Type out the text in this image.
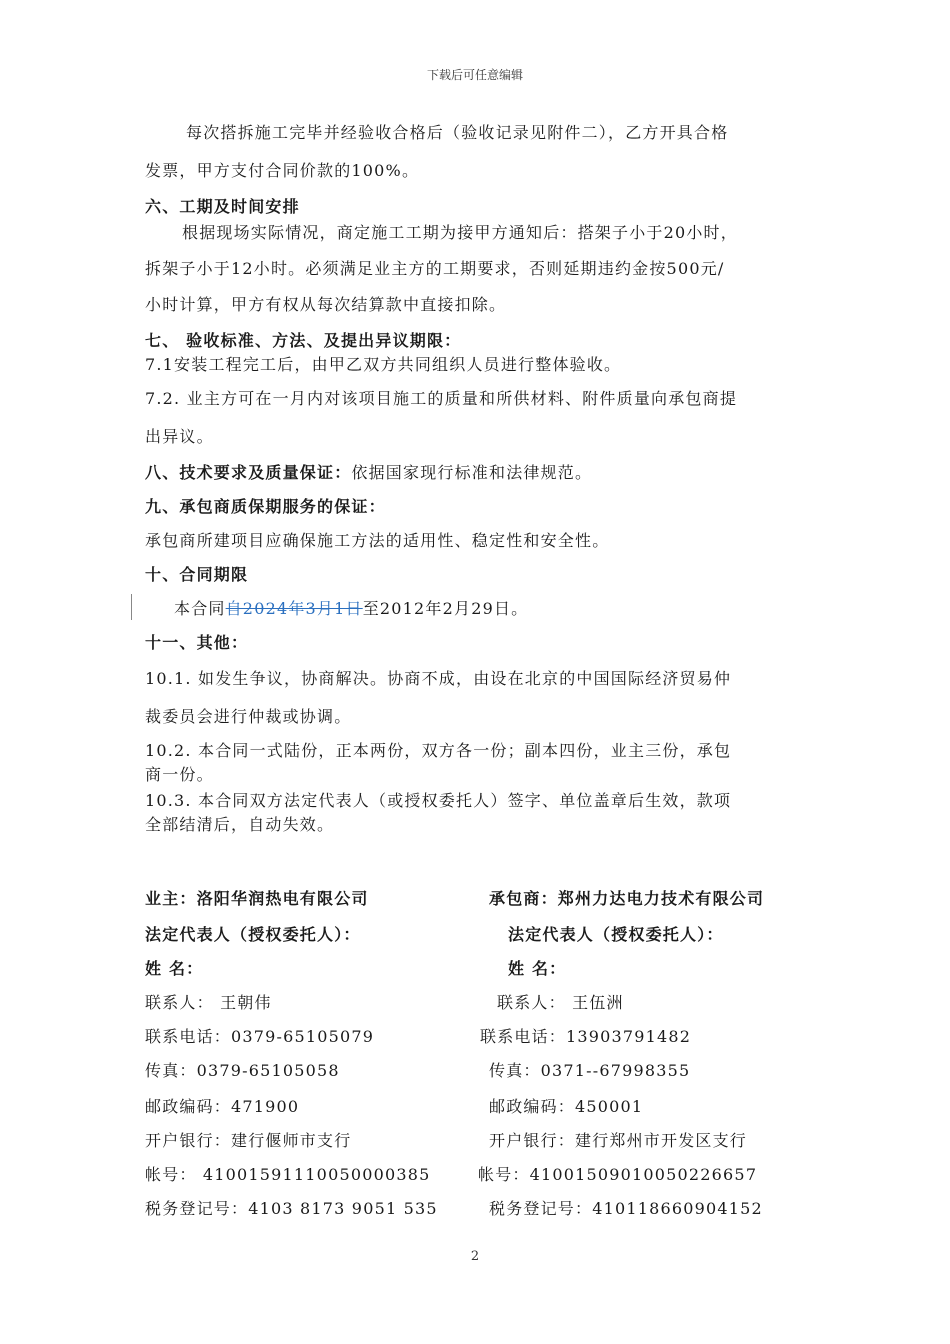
下载后可任意编辑
每次搭拆施工完毕并经验收合格后（验收记录见附件二），乙方开具合格
发票，甲方支付合同价款的100%。
六、工期及时间安排
根据现场实际情况，商定施工工期为接甲方通知后：搭架子小于20小时，
拆架子小于12小时。必须满足业主方的工期要求，否则延期违约金按500元/
小时计算，甲方有权从每次结算款中直接扣除。
七、 验收标准、方法、及提出异议期限：
7.1安装工程完工后，由甲乙双方共同组织人员进行整体验收。
7.2. 业主方可在一月内对该项目施工的质量和所供材料、附件质量向承包商提
出异议。
八、技术要求及质量保证：依据国家现行标准和法律规范。
九、承包商质保期服务的保证：
承包商所建项目应确保施工方法的适用性、稳定性和安全性。
十、合同期限
本合同自2024年3月1日至2012年2月29日。
十一、其他：
10.1. 如发生争议，协商解决。协商不成，由设在北京的中国国际经济贸易仲
裁委员会进行仲裁或协调。
10.2. 本合同一式陆份，正本两份，双方各一份；副本四份，业主三份，承包
商一份。
10.3. 本合同双方法定代表人（或授权委托人）签字、单位盖章后生效，款项
全部结清后，自动失效。
业主：洛阳华润热电有限公司
法定代表人（授权委托人）：
姓 名：
联系人： 王朝伟
联系电话：0379-65105079
传真：0379-65105058
邮政编码：471900
开户银行：建行偃师市支行
帐号： 41001591110050000385
税务登记号：4103 8173 9051 535
承包商：郑州力达电力技术有限公司
法定代表人（授权委托人）：
姓 名：
联系人： 王伍洲
联系电话：13903791482
传真：0371--67998355
邮政编码：450001
开户银行：建行郑州市开发区支行
帐号：41001509010050226657
税务登记号：410118660904152
2
